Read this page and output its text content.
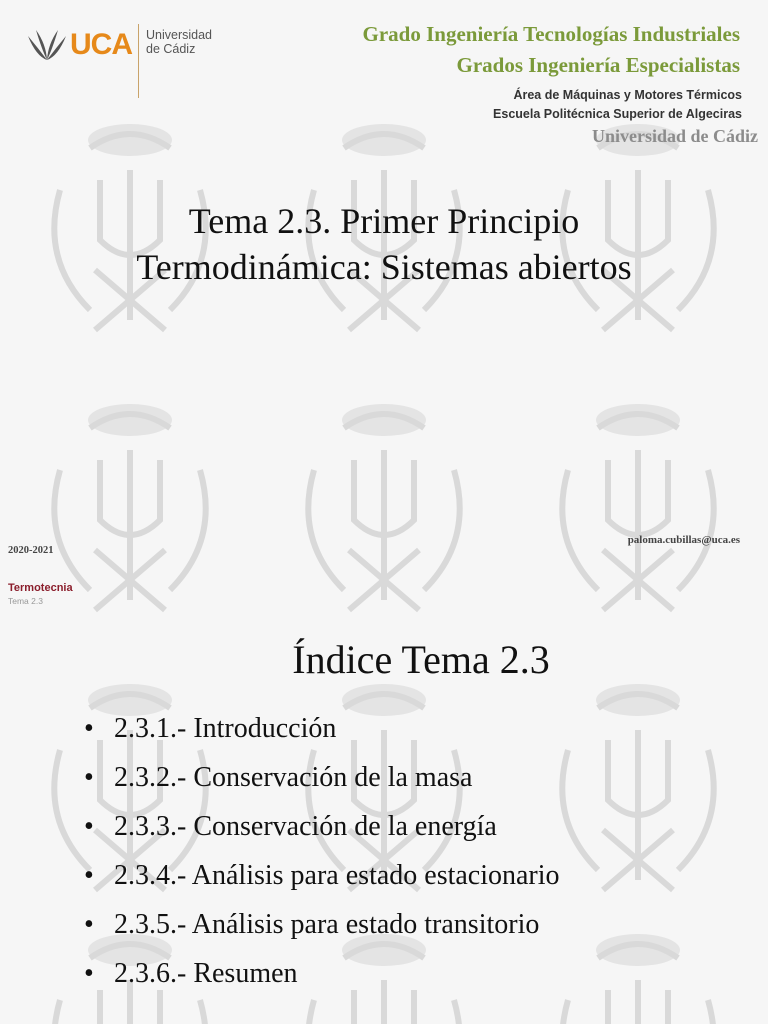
UCA Universidad
de Cádiz
Grado Ingeniería Tecnologías Industriales
Grados Ingeniería Especialistas
Área de Máquinas y Motores Térmicos
Escuela Politécnica Superior de Algeciras
Universidad de Cádiz
Tema 2.3. Primer Principio
Termodinámica: Sistemas abiertos
paloma.cubillas@uca.es
2020-2021
Termotecnia
Tema 2.3
Índice Tema 2.3
• 2.3.1.- Introducción
• 2.3.2.- Conservación de la masa
• 2.3.3.- Conservación de la energía
• 2.3.4.- Análisis para estado estacionario
• 2.3.5.- Análisis para estado transitorio
• 2.3.6.- Resumen
